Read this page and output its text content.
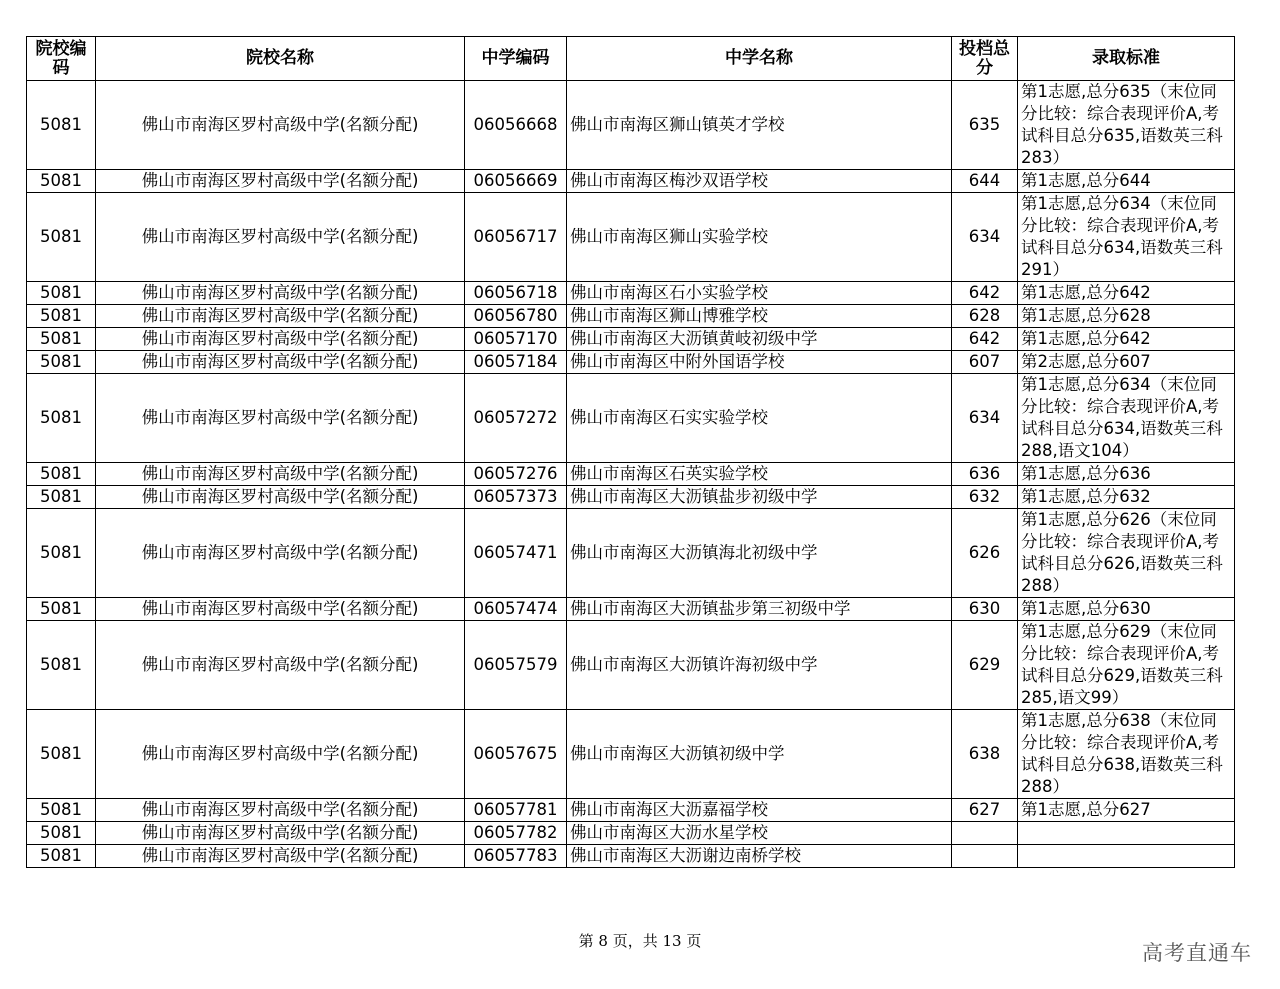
院校编码	院校名称	中学编码	中学名称	投档总分	录取标准
5081	佛山市南海区罗村高级中学(名额分配)	06056668	佛山市南海区狮山镇英才学校	635	第1志愿,总分635（末位同分比较：综合表现评价A,考试科目总分635,语数英三科283）
5081	佛山市南海区罗村高级中学(名额分配)	06056669	佛山市南海区梅沙双语学校	644	第1志愿,总分644
5081	佛山市南海区罗村高级中学(名额分配)	06056717	佛山市南海区狮山实验学校	634	第1志愿,总分634（末位同分比较：综合表现评价A,考试科目总分634,语数英三科291）
5081	佛山市南海区罗村高级中学(名额分配)	06056718	佛山市南海区石小实验学校	642	第1志愿,总分642
5081	佛山市南海区罗村高级中学(名额分配)	06056780	佛山市南海区狮山博雅学校	628	第1志愿,总分628
5081	佛山市南海区罗村高级中学(名额分配)	06057170	佛山市南海区大沥镇黄岐初级中学	642	第1志愿,总分642
5081	佛山市南海区罗村高级中学(名额分配)	06057184	佛山市南海区中附外国语学校	607	第2志愿,总分607
5081	佛山市南海区罗村高级中学(名额分配)	06057272	佛山市南海区石实实验学校	634	第1志愿,总分634（末位同分比较：综合表现评价A,考试科目总分634,语数英三科288,语文104）
5081	佛山市南海区罗村高级中学(名额分配)	06057276	佛山市南海区石英实验学校	636	第1志愿,总分636
5081	佛山市南海区罗村高级中学(名额分配)	06057373	佛山市南海区大沥镇盐步初级中学	632	第1志愿,总分632
5081	佛山市南海区罗村高级中学(名额分配)	06057471	佛山市南海区大沥镇海北初级中学	626	第1志愿,总分626（末位同分比较：综合表现评价A,考试科目总分626,语数英三科288）
5081	佛山市南海区罗村高级中学(名额分配)	06057474	佛山市南海区大沥镇盐步第三初级中学	630	第1志愿,总分630
5081	佛山市南海区罗村高级中学(名额分配)	06057579	佛山市南海区大沥镇许海初级中学	629	第1志愿,总分629（末位同分比较：综合表现评价A,考试科目总分629,语数英三科285,语文99）
5081	佛山市南海区罗村高级中学(名额分配)	06057675	佛山市南海区大沥镇初级中学	638	第1志愿,总分638（末位同分比较：综合表现评价A,考试科目总分638,语数英三科288）
5081	佛山市南海区罗村高级中学(名额分配)	06057781	佛山市南海区大沥嘉福学校	627	第1志愿,总分627
5081	佛山市南海区罗村高级中学(名额分配)	06057782	佛山市南海区大沥水星学校		
5081	佛山市南海区罗村高级中学(名额分配)	06057783	佛山市南海区大沥谢边南桥学校		
第 8 页，共 13 页	高考直通车
